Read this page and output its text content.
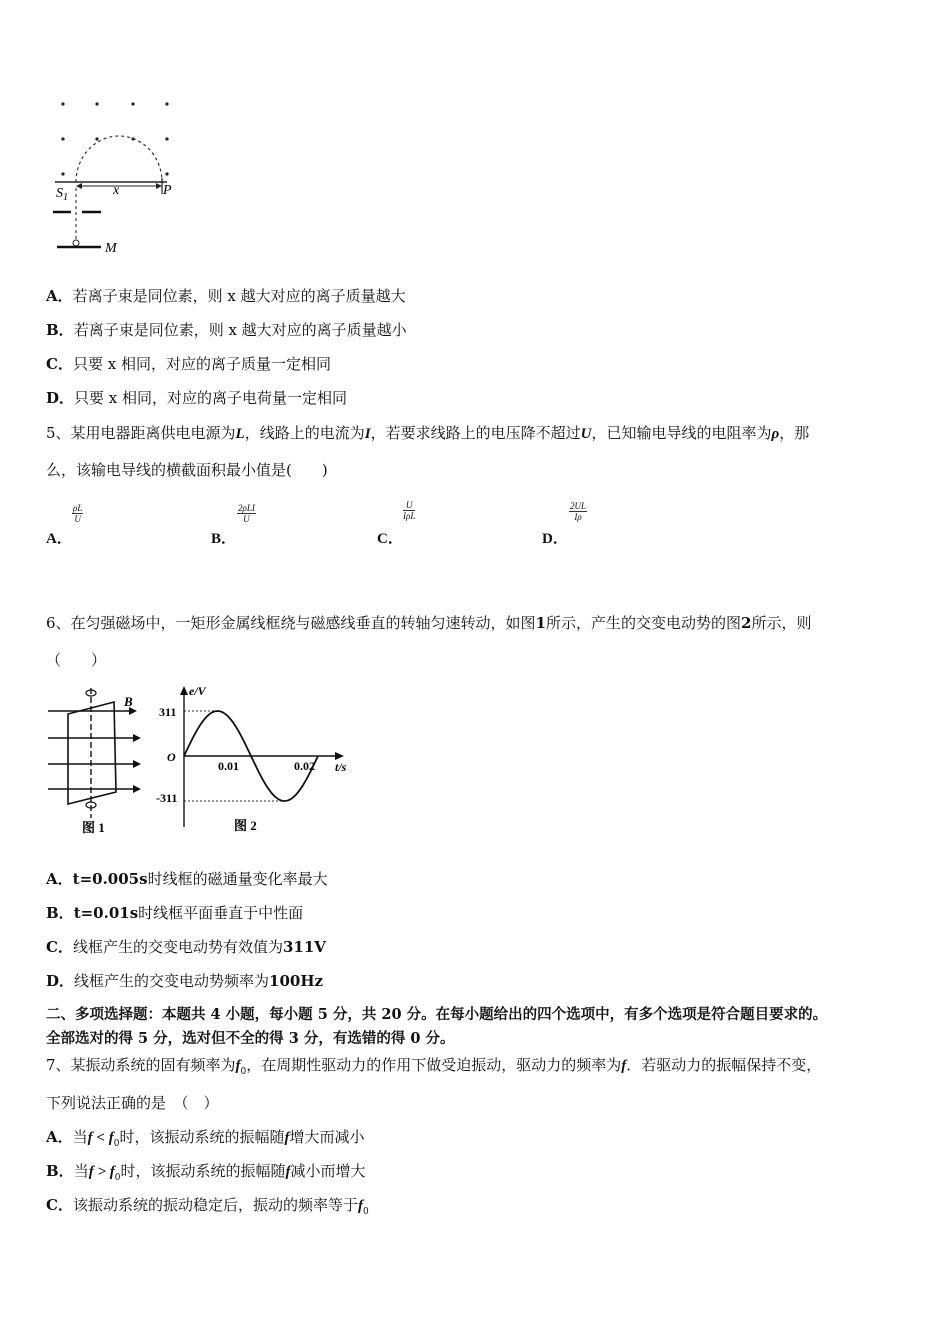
$S_1$	x	P
M
A．若离子束是同位素，则 x 越大对应的离子质量越大
B．若离子束是同位素，则 x 越大对应的离子质量越小
C．只要 x 相同，对应的离子质量一定相同
D．只要 x 相同，对应的离子电荷量一定相同
5、某用电器距离供电电源为L，线路上的电流为I，若要求线路上的电压降不超过U，已知输电导线的电阻率为ρ，那
么，该输电导线的横截面积最小值是(　　)
A．
$\frac{\rho L}{U}$
B．
2ρLI
U
C．
U
IρL
D．
$\frac{2UL}{I\rho}$
6、在匀强磁场中，一矩形金属线框绕与磁感线垂直的转轴匀速转动，如图1所示，产生的交变电动势的图2所示，则
（　　）
B
图 1
e/V
t/s
O
311
-311
0.01	0.02
图 2
A．t=0.005s时线框的磁通量变化率最大
B．t=0.01s时线框平面垂直于中性面
C．线框产生的交变电动势有效值为311V
D．线框产生的交变电动势频率为100Hz
二、多项选择题：本题共 4 小题，每小题 5 分，共 20 分。在每小题给出的四个选项中，有多个选项是符合题目要求的。
全部选对的得 5 分，选对但不全的得 3 分，有选错的得 0 分。
7、某振动系统的固有频率为$f_0$，在周期性驱动力的作用下做受迫振动，驱动力的频率为f．若驱动力的振幅保持不变，
下列说法正确的是　（　）
A．当$f < f_0$时，该振动系统的振幅随f增大而减小
B．当$f > f_0$时，该振动系统的振幅随f减小而增大
C．该振动系统的振动稳定后，振动的频率等于$f_0$
